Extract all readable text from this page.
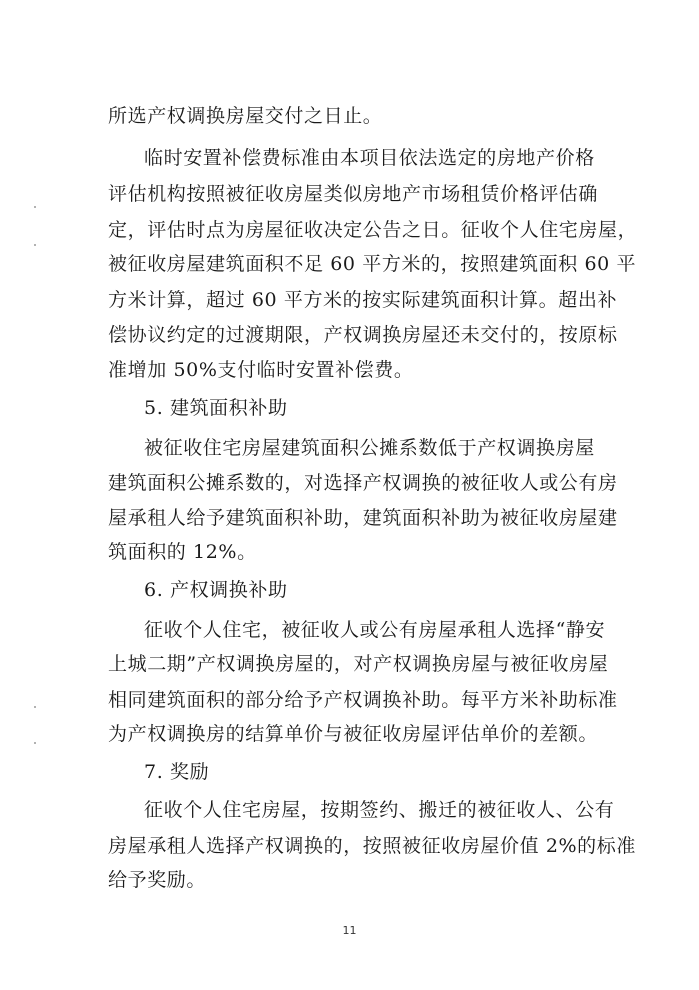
所选产权调换房屋交付之日止。
临时安置补偿费标准由本项目依法选定的房地产价格
评估机构按照被征收房屋类似房地产市场租赁价格评估确
定，评估时点为房屋征收决定公告之日。征收个人住宅房屋，
被征收房屋建筑面积不足 60 平方米的，按照建筑面积 60 平
方米计算，超过 60 平方米的按实际建筑面积计算。超出补
偿协议约定的过渡期限，产权调换房屋还未交付的，按原标
准增加 50%支付临时安置补偿费。
5. 建筑面积补助
被征收住宅房屋建筑面积公摊系数低于产权调换房屋
建筑面积公摊系数的，对选择产权调换的被征收人或公有房
屋承租人给予建筑面积补助，建筑面积补助为被征收房屋建
筑面积的 12%。
6. 产权调换补助
征收个人住宅，被征收人或公有房屋承租人选择“静安
上城二期”产权调换房屋的，对产权调换房屋与被征收房屋
相同建筑面积的部分给予产权调换补助。每平方米补助标准
为产权调换房的结算单价与被征收房屋评估单价的差额。
7. 奖励
征收个人住宅房屋，按期签约、搬迁的被征收人、公有
房屋承租人选择产权调换的，按照被征收房屋价值 2%的标准
给予奖励。
11
